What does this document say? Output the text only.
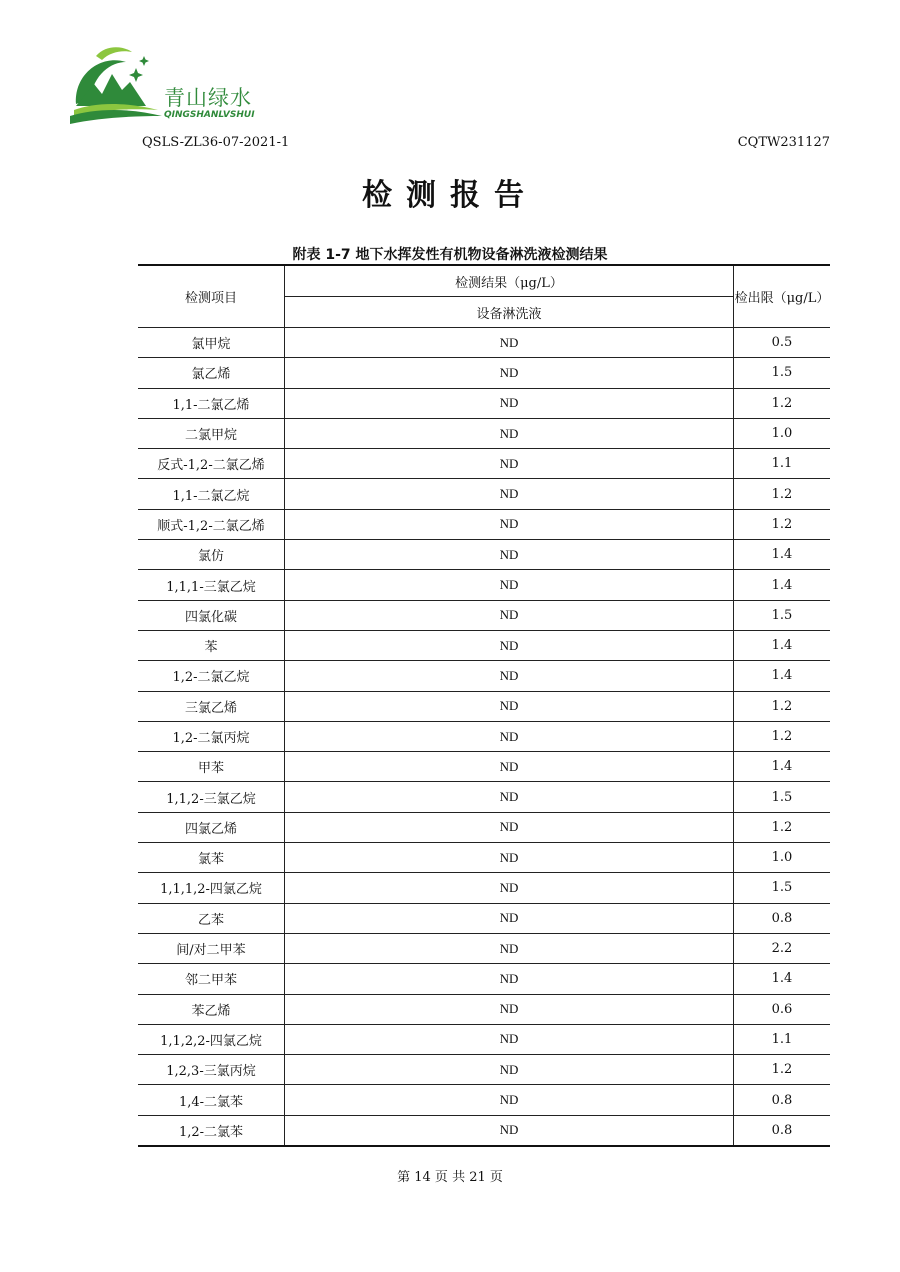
青山绿水
QINGSHANLVSHUI
QSLS-ZL36-07-2021-1	CQTW231127
检测报告
附表 1-7 地下水挥发性有机物设备淋洗液检测结果
检测项目	检测结果（μg/L）	检出限（μg/L）
	设备淋洗液	
氯甲烷	ND	0.5
氯乙烯	ND	1.5
1,1-二氯乙烯	ND	1.2
二氯甲烷	ND	1.0
反式-1,2-二氯乙烯	ND	1.1
1,1-二氯乙烷	ND	1.2
顺式-1,2-二氯乙烯	ND	1.2
氯仿	ND	1.4
1,1,1-三氯乙烷	ND	1.4
四氯化碳	ND	1.5
苯	ND	1.4
1,2-二氯乙烷	ND	1.4
三氯乙烯	ND	1.2
1,2-二氯丙烷	ND	1.2
甲苯	ND	1.4
1,1,2-三氯乙烷	ND	1.5
四氯乙烯	ND	1.2
氯苯	ND	1.0
1,1,1,2-四氯乙烷	ND	1.5
乙苯	ND	0.8
间/对二甲苯	ND	2.2
邻二甲苯	ND	1.4
苯乙烯	ND	0.6
1,1,2,2-四氯乙烷	ND	1.1
1,2,3-三氯丙烷	ND	1.2
1,4-二氯苯	ND	0.8
1,2-二氯苯	ND	0.8
第 14 页 共 21 页
